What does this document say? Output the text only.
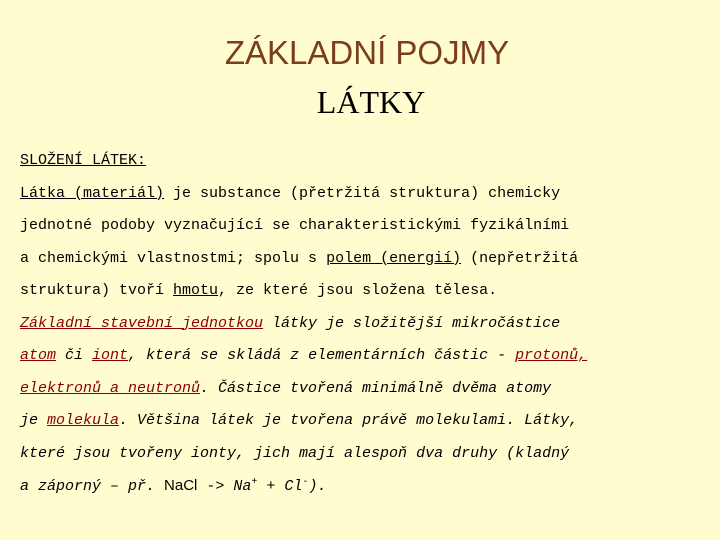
ZÁKLADNÍ POJMY
LÁTKY
SLOŽENÍ LÁTEK:
Látka (materiál) je substance (přetržitá struktura) chemicky
jednotné podoby vyznačující se charakteristickými fyzikálními
a chemickými vlastnostmi; spolu s polem (energií) (nepřetržitá
struktura) tvoří hmotu, ze které jsou složena tělesa.
Základní stavební jednotkou látky je složitější mikročástice
atom či iont, která se skládá z elementárních částic - protonů,
elektronů a neutronů. Částice tvořená minimálně dvěma atomy
je molekula. Většina látek je tvořena právě molekulami. Látky,
které jsou tvořeny ionty, jich mají alespoň dva druhy (kladný
a záporný – př. NaCl -> Na+ + Cl-).
